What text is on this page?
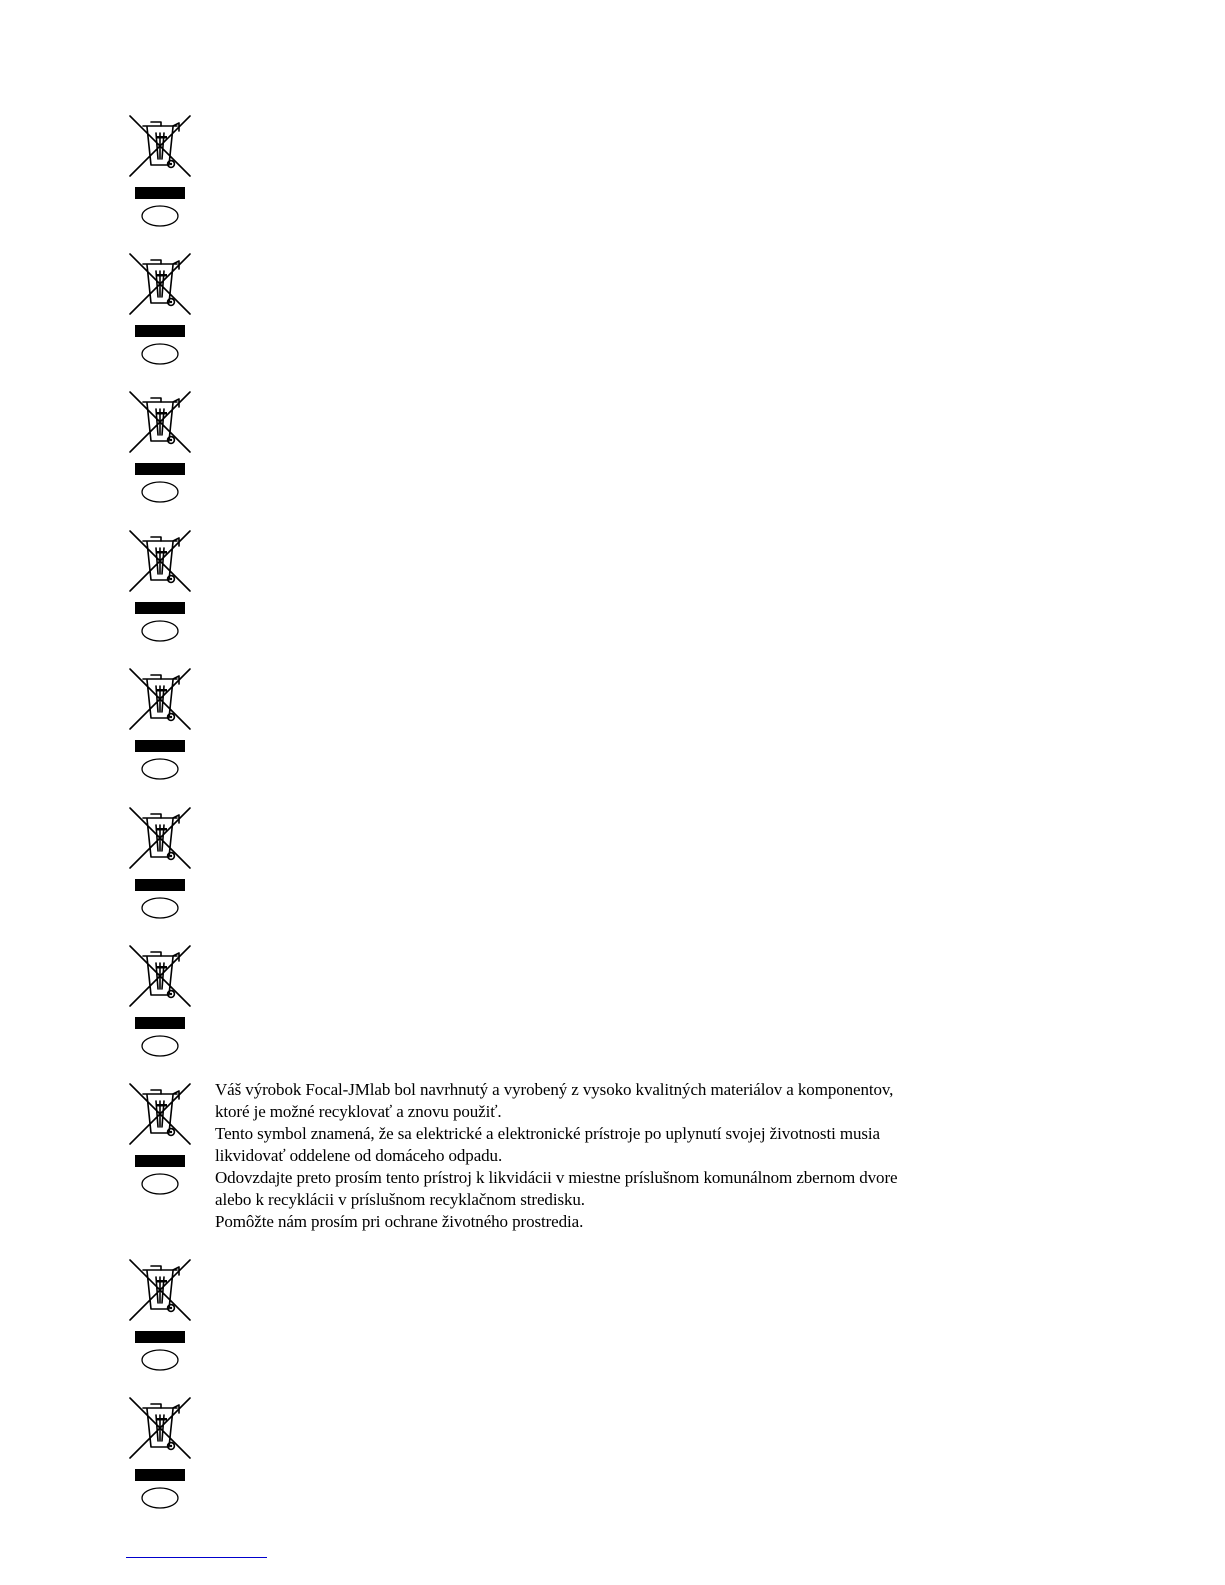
Váš výrobok Focal-JMlab bol navrhnutý a vyrobený z vysoko kvalitných materiálov a komponentov,

ktoré je možné recyklovať a znovu použiť.

Tento symbol znamená, že sa elektrické a elektronické prístroje po uplynutí svojej životnosti musia

likvidovať oddelene od domáceho odpadu.

Odovzdajte preto prosím tento prístroj k likvidácii v miestne príslušnom komunálnom zbernom dvore

alebo k recyklácii v príslušnom recyklačnom stredisku.

Pomôžte nám prosím pri ochrane životného prostredia.
